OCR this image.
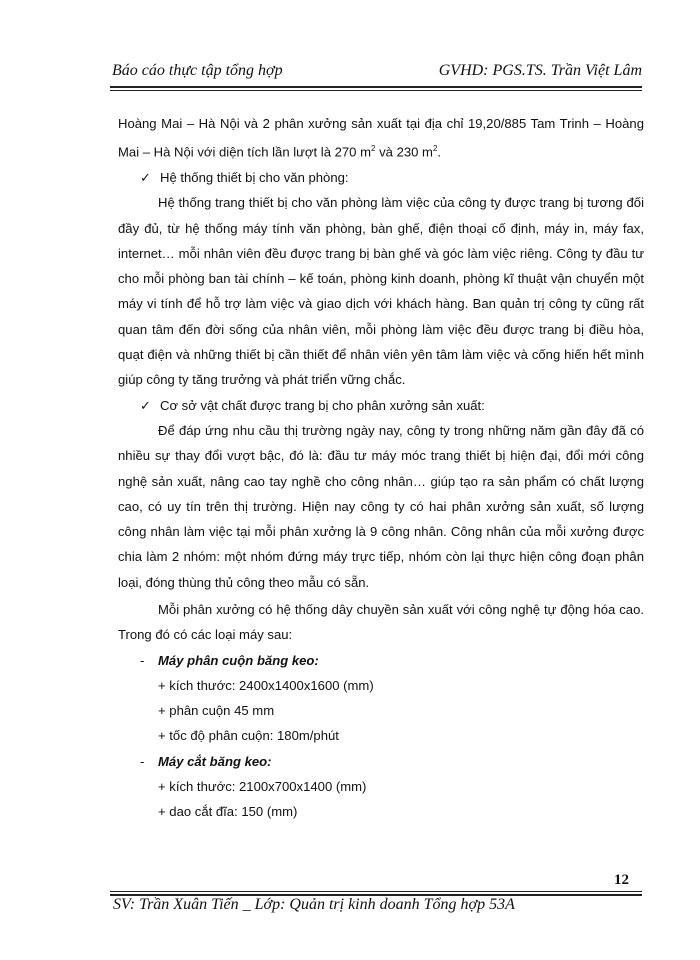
Báo cáo thực tập tổng hợp	GVHD: PGS.TS. Trần Việt Lâm

Hoàng Mai – Hà Nội và 2 phân xưởng sản xuất tại địa chỉ 19,20/885 Tam Trinh – Hoàng Mai – Hà Nội với diện tích lần lượt là 270 $m^2$ và 230 $m^2$.

✓ Hệ thống thiết bị cho văn phòng:

Hệ thống trang thiết bị cho văn phòng làm việc của công ty được trang bị tương đối đầy đủ, từ hệ thống máy tính văn phòng, bàn ghế, điện thoại cố định, máy in, máy fax, internet… mỗi nhân viên đều được trang bị bàn ghế và góc làm việc riêng. Công ty đầu tư cho mỗi phòng ban tài chính – kế toán, phòng kinh doanh, phòng kĩ thuật vận chuyển một máy vi tính để hỗ trợ làm việc và giao dịch với khách hàng. Ban quản trị công ty cũng rất quan tâm đến đời sống của nhân viên, mỗi phòng làm việc đều được trang bị điều hòa, quạt điện và những thiết bị cần thiết để nhân viên yên tâm làm việc và cống hiến hết mình giúp công ty tăng trưởng và phát triển vững chắc.

✓ Cơ sở vật chất được trang bị cho phân xưởng sản xuất:

Để đáp ứng nhu cầu thị trường ngày nay, công ty trong những năm gần đây đã có nhiều sự thay đổi vượt bậc, đó là: đầu tư máy móc trang thiết bị hiện đại, đổi mới công nghệ sản xuất, nâng cao tay nghề cho công nhân… giúp tạo ra sản phẩm có chất lượng cao, có uy tín trên thị trường. Hiện nay công ty có hai phân xưởng sản xuất, số lượng công nhân làm việc tại mỗi phân xưởng là 9 công nhân. Công nhân của mỗi xưởng được chia làm 2 nhóm: một nhóm đứng máy trực tiếp, nhóm còn lại thực hiện công đoạn phân loại, đóng thùng thủ công theo mẫu có sẵn.

Mỗi phân xưởng có hệ thống dây chuyền sản xuất với công nghệ tự động hóa cao. Trong đó có các loại máy sau:

- Máy phân cuộn băng keo:

+ kích thước: 2400x1400x1600 (mm)

+ phân cuộn 45 mm

+ tốc độ phân cuộn: 180m/phút

- Máy cắt băng keo:

+ kích thước: 2100x700x1400 (mm)

+ dao cắt đĩa: 150 (mm)

12
SV: Trần Xuân Tiến _ Lớp: Quản trị kinh doanh Tổng hợp 53A
